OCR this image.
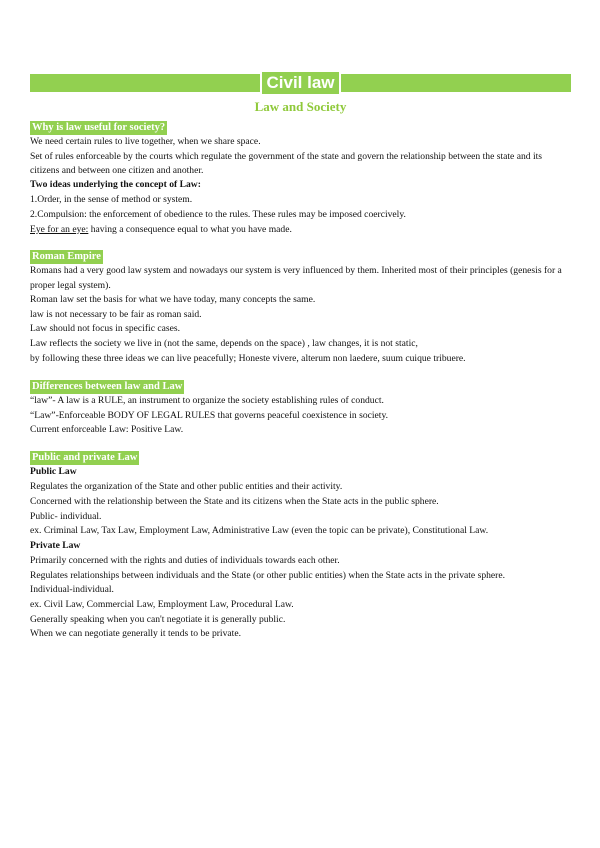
Civil law
Law and Society
Why is law useful for society?

We need certain rules to live together, when we share space.

Set of rules enforceable by the courts which regulate the government of the state and govern the relationship between the state and its citizens and between one citizen and another.

Two ideas underlying the concept of Law:

1.Order, in the sense of method or system.

2.Compulsion: the enforcement of obedience to the rules. These rules may be imposed coercively.

Eye for an eye: having a consequence equal to what you have made.

Roman Empire

Romans had a very good law system and nowadays our system is very influenced by them. Inherited most of their principles (genesis for a proper legal system).

Roman law set the basis for what we have today, many concepts the same.

law is not necessary to be fair as roman said.

Law should not focus in specific cases.

Law reflects the society we live in (not the same, depends on the space) , law changes, it is not static,

by following these three ideas we can live peacefully; Honeste vivere, alterum non laedere, suum cuique tribuere.

Differences between law and Law

“law”- A law is a RULE, an instrument to organize the society establishing rules of conduct.

“Law”-Enforceable BODY OF LEGAL RULES that governs peaceful coexistence in society.

Current enforceable Law: Positive Law.

Public and private Law

Public Law

Regulates the organization of the State and other public entities and their activity.

Concerned with the relationship between the State and its citizens when the State acts in the public sphere.

Public- individual.

ex. Criminal Law, Tax Law, Employment Law, Administrative Law (even the topic can be private), Constitutional Law.

Private Law

Primarily concerned with the rights and duties of individuals towards each other.

Regulates relationships between individuals and the State (or other public entities) when the State acts in the private sphere.

Individual-individual.

ex. Civil Law, Commercial Law, Employment Law, Procedural Law.

Generally speaking when you can't negotiate it is generally public.

When we can negotiate generally it tends to be private.
